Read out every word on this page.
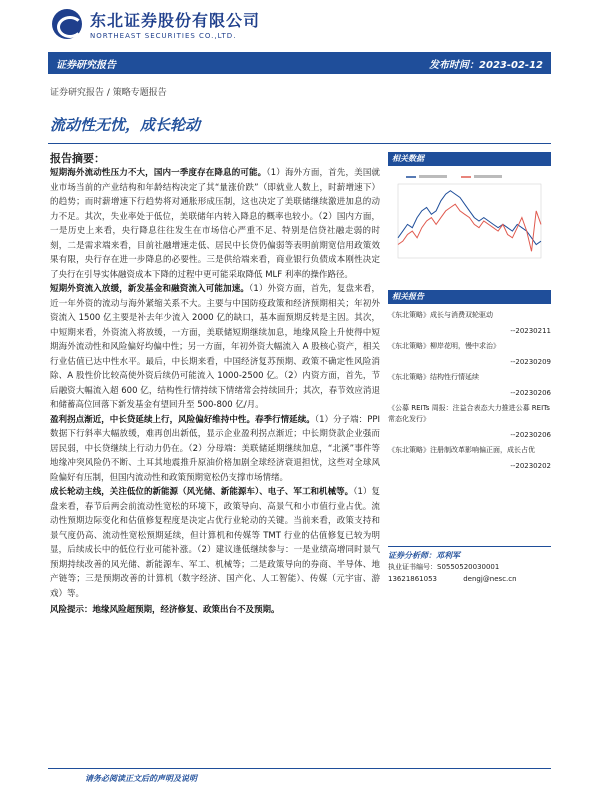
东北证券股份有限公司
NORTHEAST SECURITIES CO.,LTD.
证券研究报告	发布时间：2023-02-12
证券研究报告 / 策略专题报告
流动性无忧，成长轮动
报告摘要：

短期海外流动性压力不大，国内一季度存在降息的可能。（1）海外方面，首先，美国就业市场当前的产业结构和年龄结构决定了其“量涨价跌”（即就业人数上，时薪增速下）的趋势；而时薪增速下行趋势将对通胀形成压制，这也决定了美联储继续激进加息的动力不足。其次，失业率处于低位，美联储年内转入降息的概率也较小。（2）国内方面，一是历史上来看，央行降息往往发生在市场信心严重不足、特别是信贷社融走弱的时刻，二是需求端来看，目前社融增速走低、居民中长贷仍偏弱等表明前期宽信用政策效果有限，央行存在进一步降息的必要性。三是供给端来看，商业银行负债成本刚性决定了央行在引导实体融资成本下降的过程中更可能采取降低 MLF 利率的操作路径。

短期外资流入放缓，新发基金和融资流入可能加速。（1）外资方面，首先，复盘来看，近一年外资的流动与海外紧缩关系不大。主要与中国防疫政策和经济预期相关；年初外资流入 1500 亿主要是补去年少流入 2000 亿的缺口，基本面预期反转是主因。其次，中短期来看，外资流入将放缓，一方面，美联储短期继续加息，地缘风险上升使得中短期海外流动性和风险偏好均偏中性；另一方面，年初外资大幅流入 A 股核心资产，相关行业估值已达中性水平。最后，中长期来看，中国经济复苏预期、政策不确定性风险消除、A 股性价比较高使外资后续仍可能流入 1000-2500 亿。（2）内资方面，首先，节后融资大幅流入超 600 亿，结构性行情持续下情绪常会持续回升；其次，春节效应消退和储蓄高位回落下新发基金有望回升至 500-800 亿/月。

盈利拐点渐近，中长贷延续上行，风险偏好维持中性。春季行情延续。（1）分子端：PPI 数据下行斜率大幅放缓，难再创出新低，显示企业盈利拐点渐近；中长期贷款企业强而居民弱，中长贷继续上行动力仍在。（2）分母端：美联储延期继续加息，“北溪”事件等地缘冲突风险仍不断、土耳其地震推升原油价格加剧全球经济衰退担忧，这些对全球风险偏好有压制，但国内流动性和政策预期宽松仍支撑市场情绪。

成长轮动主线，关注低位的新能源（风光储、新能源车）、电子、军工和机械等。（1）复盘来看，春节后两会前流动性宽松的环境下，政策导向、高景气和小市值行业占优。流动性预期边际变化和估值修复程度是决定占优行业轮动的关键。当前来看，政策支持和景气度仍高、流动性宽松预期延续，但计算机和传媒等 TMT 行业的估值修复已较为明显，后续成长中的低位行业可能补涨。（2）建议逢低继续参与：一是业绩高增同时景气预期持续改善的风光储、新能源车、军工、机械等；二是政策导向的券商、半导体、地产链等；三是预期改善的计算机（数字经济、国产化、人工智能）、传媒（元宇宙、游戏）等。

风险提示：地缘风险超预期，经济修复、政策出台不及预期。

相关数据
相关报告
《东北策略》成长与消费双轮驱动
--20230211
《东北策略》柳岸花明，慢中求治》
--20230209
《东北策略》结构性行情延续
--20230206
《公募 REITs 周报：注益合表态大力推进公募 REITs 常态化发行》
--20230206
《东北策略》注册制改革影响偏正面，成长占优
--20230202
证券分析师：邓利军
执业证书编号：S0550520030001
13621861053	dengj@nesc.cn
请务必阅读正文后的声明及说明
